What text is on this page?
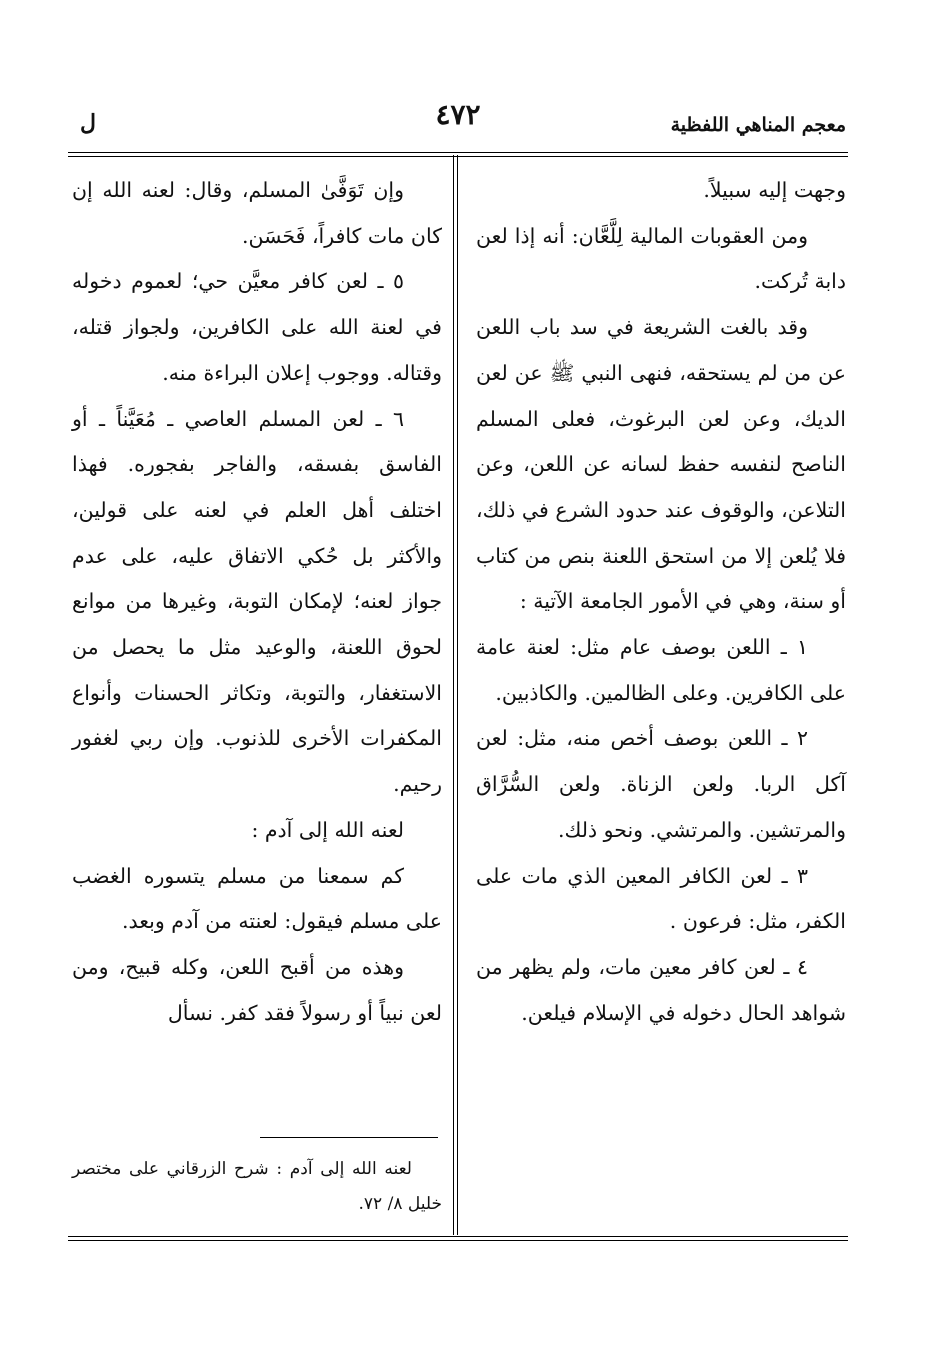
معجم المناهي اللفظية
٤٧٢
ل

وجهت إليه سبيلاً.

ومن العقوبات المالية لِلَّعَّان: أنه إذا لعن دابة تُركت.

وقد بالغت الشريعة في سد باب اللعن عن من لم يستحقه، فنهى النبي ﷺ عن لعن الديك، وعن لعن البرغوث، فعلى المسلم الناصح لنفسه حفظ لسانه عن اللعن، وعن التلاعن، والوقوف عند حدود الشرع في ذلك، فلا يُلعن إلا من استحق اللعنة بنص من كتاب أو سنة، وهي في الأمور الجامعة الآتية :

١ ـ اللعن بوصف عام مثل: لعنة عامة على الكافرين. وعلى الظالمين. والكاذبين.

٢ ـ اللعن بوصف أخص منه، مثل: لعن آكل الربا. ولعن الزناة. ولعن السُّرَّاق والمرتشين. والمرتشي. ونحو ذلك.

٣ ـ لعن الكافر المعين الذي مات على الكفر، مثل: فرعون .

٤ ـ لعن كافر معين مات، ولم يظهر من شواهد الحال دخوله في الإسلام فيلعن.

وإن تَوَفَّىٰ المسلم، وقال: لعنه الله إن كان مات كافراً، فَحَسَن.

٥ ـ لعن كافر معيَّن حي؛ لعموم دخوله في لعنة الله على الكافرين، ولجواز قتله، وقتاله. ووجوب إعلان البراءة منه.

٦ ـ لعن المسلم العاصي ـ مُعَيَّناً ـ أو الفاسق بفسقه، والفاجر بفجوره. فهذا اختلف أهل العلم في لعنه على قولين، والأكثر بل حُكي الاتفاق عليه، على عدم جواز لعنه؛ لإمكان التوبة، وغيرها من موانع لحوق اللعنة، والوعيد مثل ما يحصل من الاستغفار، والتوبة، وتكاثر الحسنات وأنواع المكفرات الأخرى للذنوب. وإن ربي لغفور رحيم.

لعنه الله إلى آدم :

كم سمعنا من مسلم يتسوره الغضب على مسلم فيقول: لعنته من آدم وبعد.

وهذه من أقبح اللعن، وكله قبيح، ومن لعن نبياً أو رسولاً فقد كفر. نسأل

لعنه الله إلى آدم : شرح الزرقاني على مختصر خليل ٨/ ٧٢.
